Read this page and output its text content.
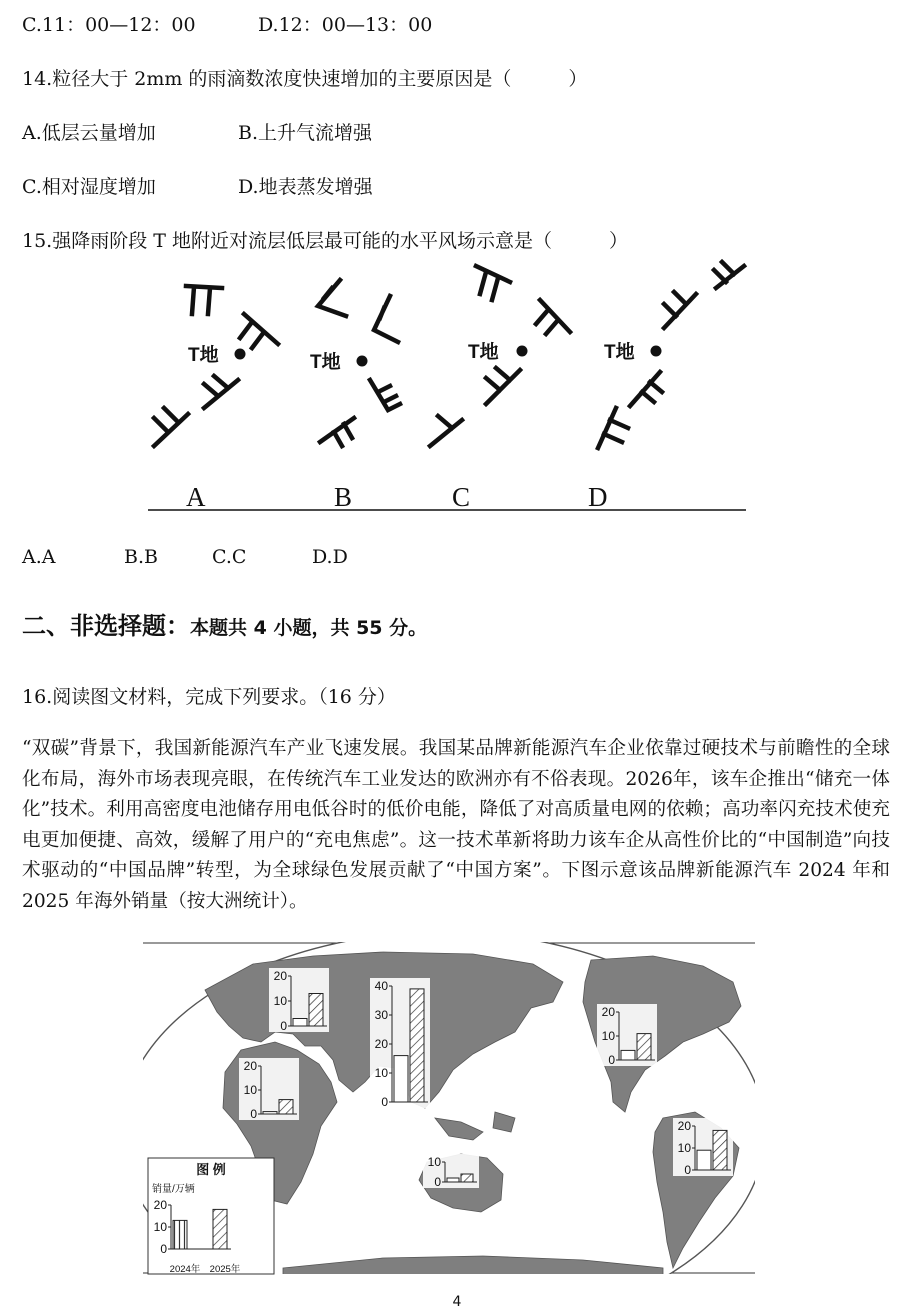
C.11：00—12：00	D.12：00—13：00
14.粒径大于 2mm 的雨滴数浓度快速增加的主要原因是（　　　）
A.低层云量增加	B.上升气流增强
C.相对湿度增加	D.地表蒸发增强
15.强降雨阶段 T 地附近对流层低层最可能的水平风场示意是（　　　）
T地	T地	T地	T地
A	B	C	D
A.A	B.B	C.C	D.D
二、非选择题：本题共 4 小题，共 55 分。
16.阅读图文材料，完成下列要求。（16 分）

“双碳”背景下，我国新能源汽车产业飞速发展。我国某品牌新能源汽车企业依靠过硬技术与前瞻性的全球化布局，海外市场表现亮眼，在传统汽车工业发达的欧洲亦有不俗表现。2026年，该车企推出“储充一体化”技术。利用高密度电池储存用电低谷时的低价电能，降低了对高质量电网的依赖；高功率闪充技术使充电更加便捷、高效，缓解了用户的“充电焦虑”。这一技术革新将助力该车企从高性价比的“中国制造”向技术驱动的“中国品牌”转型，为全球绿色发展贡献了“中国方案”。下图示意该品牌新能源汽车 2024 年和 2025 年海外销量（按大洲统计）。

0
10
20
0
10
20
0
10
20
30
40
0
10
20
0
10
20
0
10
图 例
销量/万辆
2024年 2025年
0
10
20
4
